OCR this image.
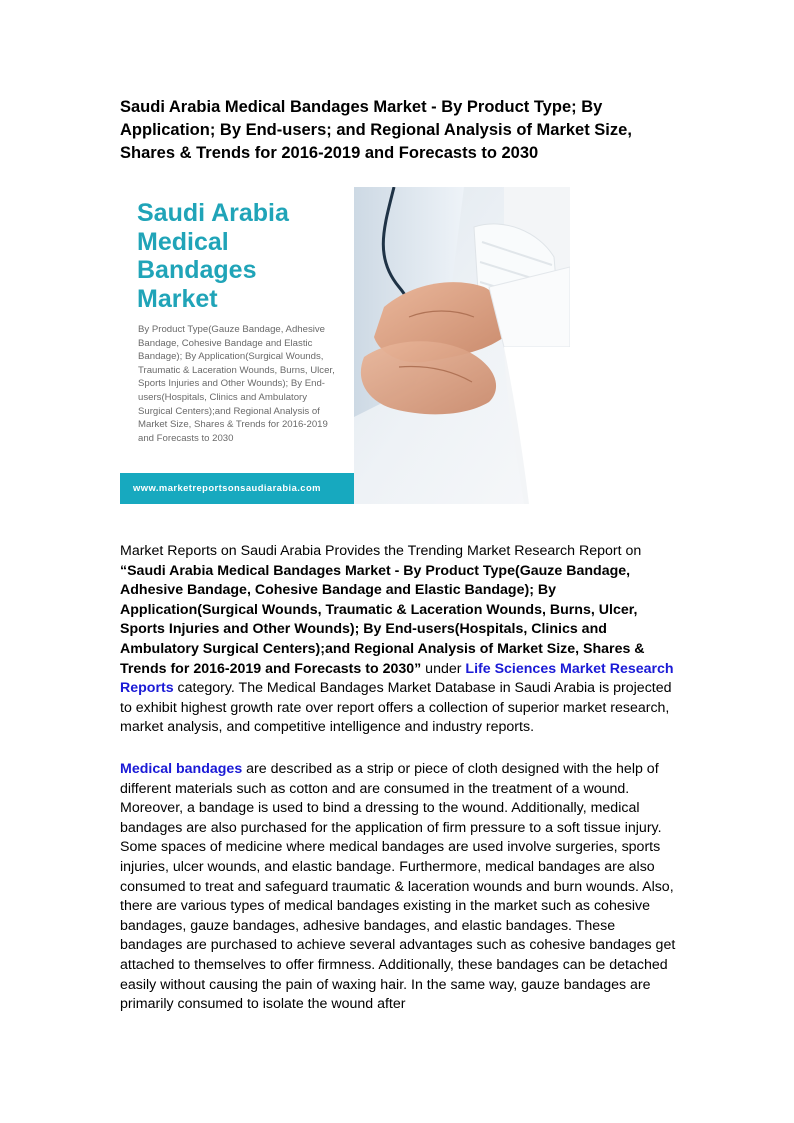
Saudi Arabia Medical Bandages Market - By Product Type; By Application; By End-users; and Regional Analysis of Market Size, Shares & Trends for 2016-2019 and Forecasts to 2030
Saudi Arabia
Medical
Bandages
Market
By Product Type(Gauze Bandage, Adhesive Bandage, Cohesive Bandage and Elastic Bandage); By Application(Surgical Wounds, Traumatic & Laceration Wounds, Burns, Ulcer, Sports Injuries and Other Wounds); By End-users(Hospitals, Clinics and Ambulatory Surgical Centers);and Regional Analysis of Market Size, Shares & Trends for 2016-2019 and Forecasts to 2030
www.marketreportsonsaudiarabia.com

Market Reports on Saudi Arabia Provides the Trending Market Research Report on “Saudi Arabia Medical Bandages Market - By Product Type(Gauze Bandage, Adhesive Bandage, Cohesive Bandage and Elastic Bandage); By Application(Surgical Wounds, Traumatic & Laceration Wounds, Burns, Ulcer, Sports Injuries and Other Wounds); By End-users(Hospitals, Clinics and Ambulatory Surgical Centers);and Regional Analysis of Market Size, Shares & Trends for 2016-2019 and Forecasts to 2030” under Life Sciences Market Research Reports category. The Medical Bandages Market Database in Saudi Arabia is projected to exhibit highest growth rate over report offers a collection of superior market research, market analysis, and competitive intelligence and industry reports.

Medical bandages are described as a strip or piece of cloth designed with the help of different materials such as cotton and are consumed in the treatment of a wound. Moreover, a bandage is used to bind a dressing to the wound. Additionally, medical bandages are also purchased for the application of firm pressure to a soft tissue injury. Some spaces of medicine where medical bandages are used involve surgeries, sports injuries, ulcer wounds, and elastic bandage. Furthermore, medical bandages are also consumed to treat and safeguard traumatic & laceration wounds and burn wounds. Also, there are various types of medical bandages existing in the market such as cohesive bandages, gauze bandages, adhesive bandages, and elastic bandages. These bandages are purchased to achieve several advantages such as cohesive bandages get attached to themselves to offer firmness. Additionally, these bandages can be detached easily without causing the pain of waxing hair. In the same way, gauze bandages are primarily consumed to isolate the wound after
